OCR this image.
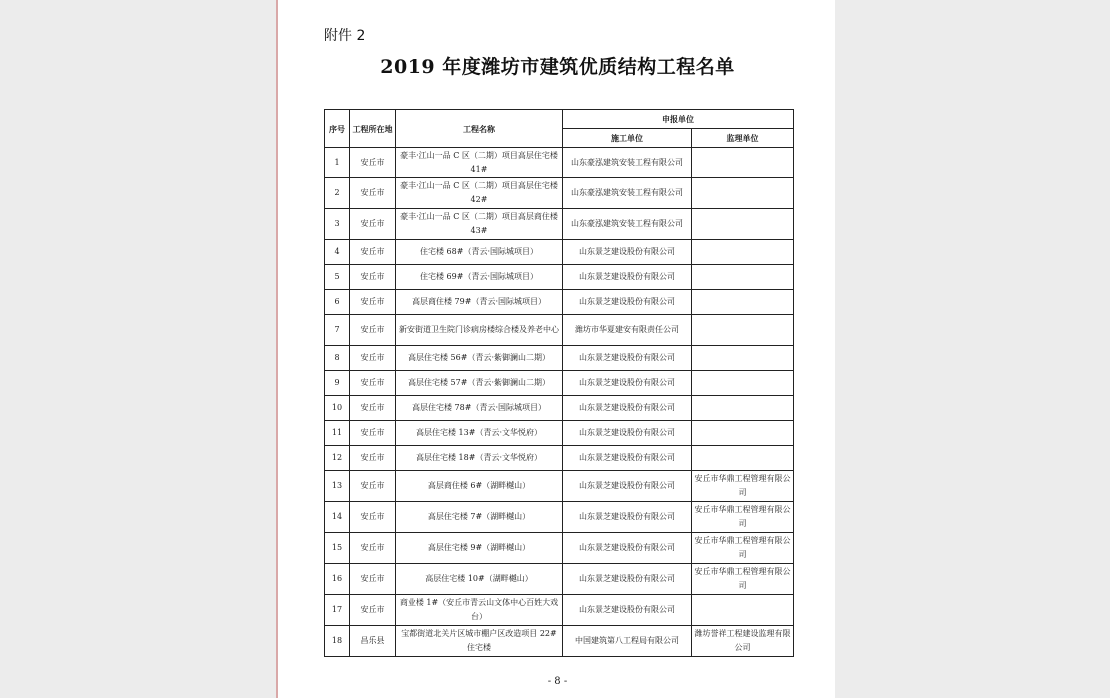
附件 2
2019 年度潍坊市建筑优质结构工程名单
序号	工程所在地	工程名称	申报单位	
			施工单位	监理单位
1	安丘市	豪丰·江山一品 C 区（二期）项目高层住宅楼 41#	山东豪泓建筑安装工程有限公司	
2	安丘市	豪丰·江山一品 C 区（二期）项目高层住宅楼 42#	山东豪泓建筑安装工程有限公司	
3	安丘市	豪丰·江山一品 C 区（二期）项目高层商住楼 43#	山东豪泓建筑安装工程有限公司	
4	安丘市	住宅楼 68#（青云·国际城项目）	山东景芝建设股份有限公司	
5	安丘市	住宅楼 69#（青云·国际城项目）	山东景芝建设股份有限公司	
6	安丘市	高层商住楼 79#（青云·国际城项目）	山东景芝建设股份有限公司	
7	安丘市	新安街道卫生院门诊病房楼综合楼及养老中心	潍坊市华夏建安有限责任公司	
8	安丘市	高层住宅楼 56#（青云·紫御澜山二期）	山东景芝建设股份有限公司	
9	安丘市	高层住宅楼 57#（青云·紫御澜山二期）	山东景芝建设股份有限公司	
10	安丘市	高层住宅楼 78#（青云·国际城项目）	山东景芝建设股份有限公司	
11	安丘市	高层住宅楼 13#（青云·文华悦府）	山东景芝建设股份有限公司	
12	安丘市	高层住宅楼 18#（青云·文华悦府）	山东景芝建设股份有限公司	
13	安丘市	高层商住楼 6#（湖畔樾山）	山东景芝建设股份有限公司	安丘市华鼎工程管理有限公司
14	安丘市	高层住宅楼 7#（湖畔樾山）	山东景芝建设股份有限公司	安丘市华鼎工程管理有限公司
15	安丘市	高层住宅楼 9#（湖畔樾山）	山东景芝建设股份有限公司	安丘市华鼎工程管理有限公司
16	安丘市	高层住宅楼 10#（湖畔樾山）	山东景芝建设股份有限公司	安丘市华鼎工程管理有限公司
17	安丘市	商业楼 1#（安丘市青云山文体中心百姓大戏台）	山东景芝建设股份有限公司	
18	昌乐县	宝都街道北关片区城市棚户区改造项目 22# 住宅楼	中国建筑第八工程局有限公司	潍坊誉祥工程建设监理有限公司
- 8 -
